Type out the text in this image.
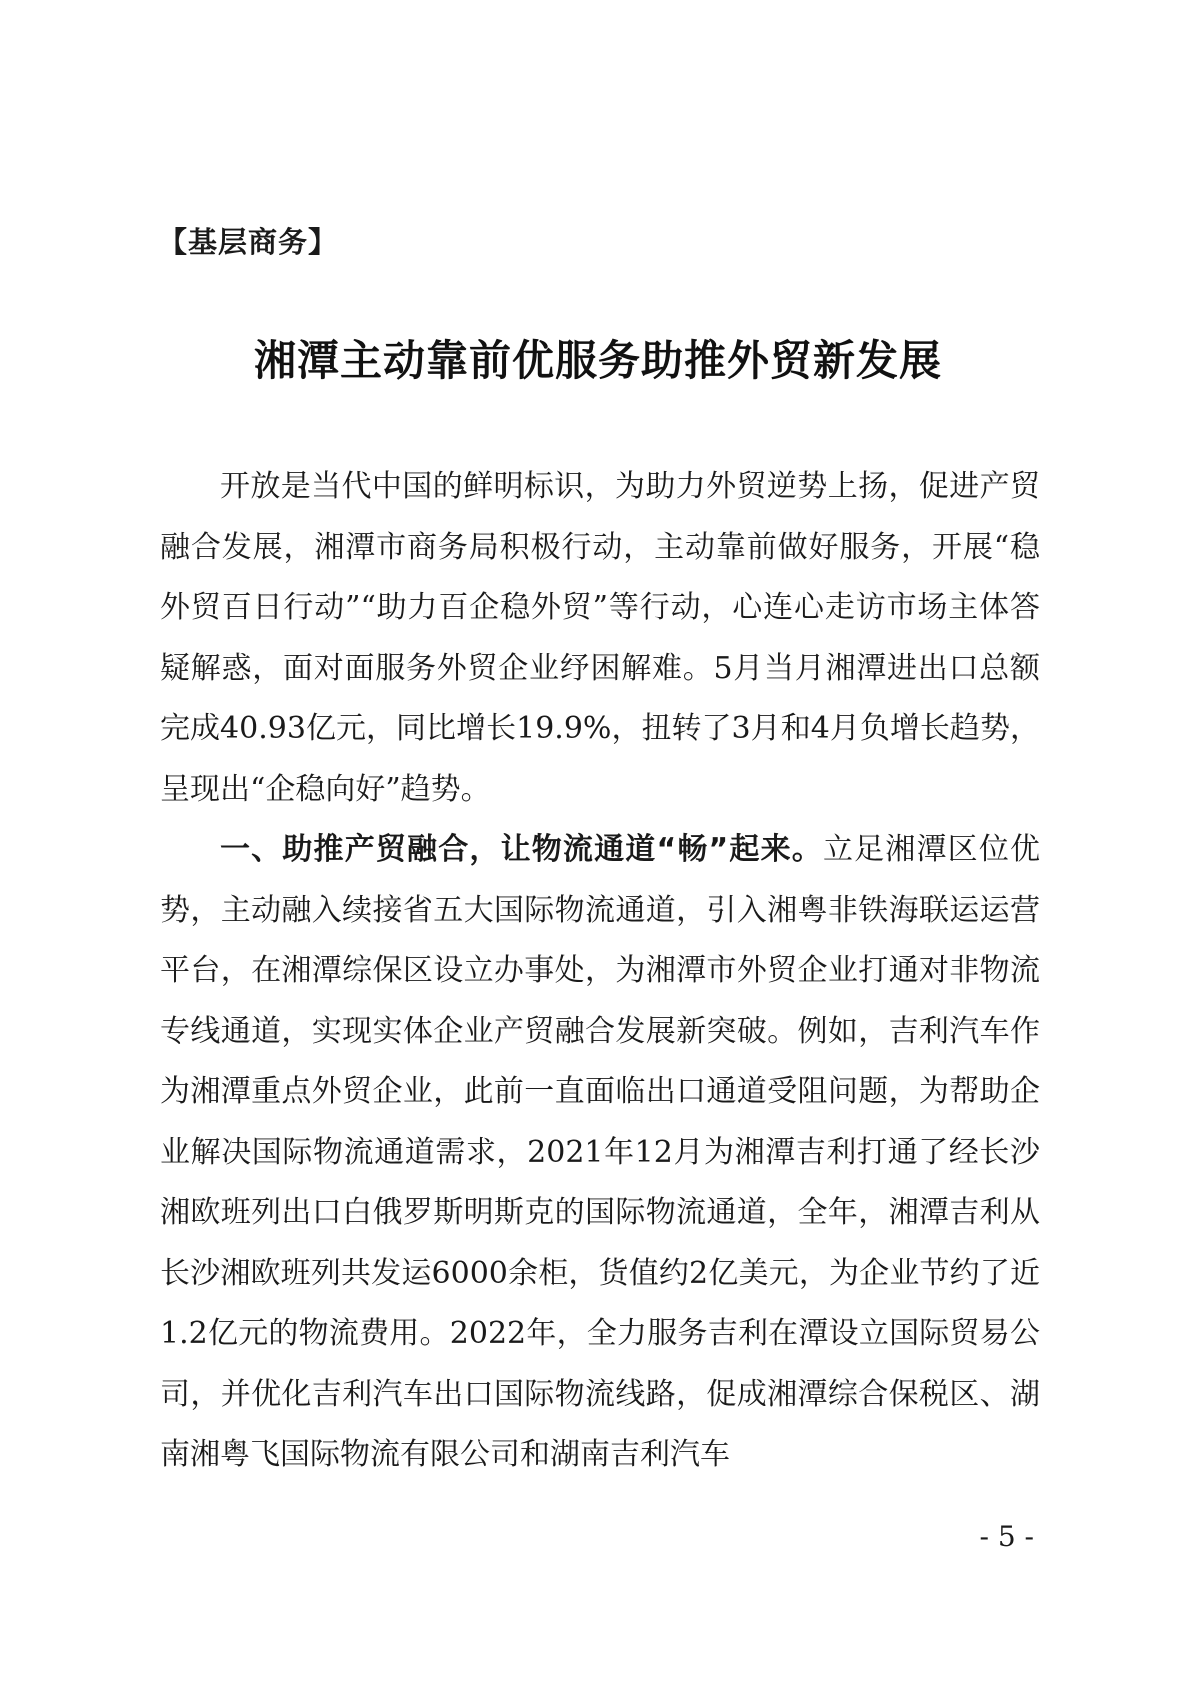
【基层商务】
湘潭主动靠前优服务助推外贸新发展

开放是当代中国的鲜明标识，为助力外贸逆势上扬，促进产贸融合发展，湘潭市商务局积极行动，主动靠前做好服务，开展“稳外贸百日行动”“助力百企稳外贸”等行动，心连心走访市场主体答疑解惑，面对面服务外贸企业纾困解难。5月当月湘潭进出口总额完成40.93亿元，同比增长19.9%，扭转了3月和4月负增长趋势，呈现出“企稳向好”趋势。

一、助推产贸融合，让物流通道“畅”起来。立足湘潭区位优势，主动融入续接省五大国际物流通道，引入湘粤非铁海联运运营平台，在湘潭综保区设立办事处，为湘潭市外贸企业打通对非物流专线通道，实现实体企业产贸融合发展新突破。例如，吉利汽车作为湘潭重点外贸企业，此前一直面临出口通道受阻问题，为帮助企业解决国际物流通道需求，2021年12月为湘潭吉利打通了经长沙湘欧班列出口白俄罗斯明斯克的国际物流通道，全年，湘潭吉利从长沙湘欧班列共发运6000余柜，货值约2亿美元，为企业节约了近1.2亿元的物流费用。2022年，全力服务吉利在潭设立国际贸易公司，并优化吉利汽车出口国际物流线路，促成湘潭综合保税区、湖南湘粤飞国际物流有限公司和湖南吉利汽车

- 5 -
